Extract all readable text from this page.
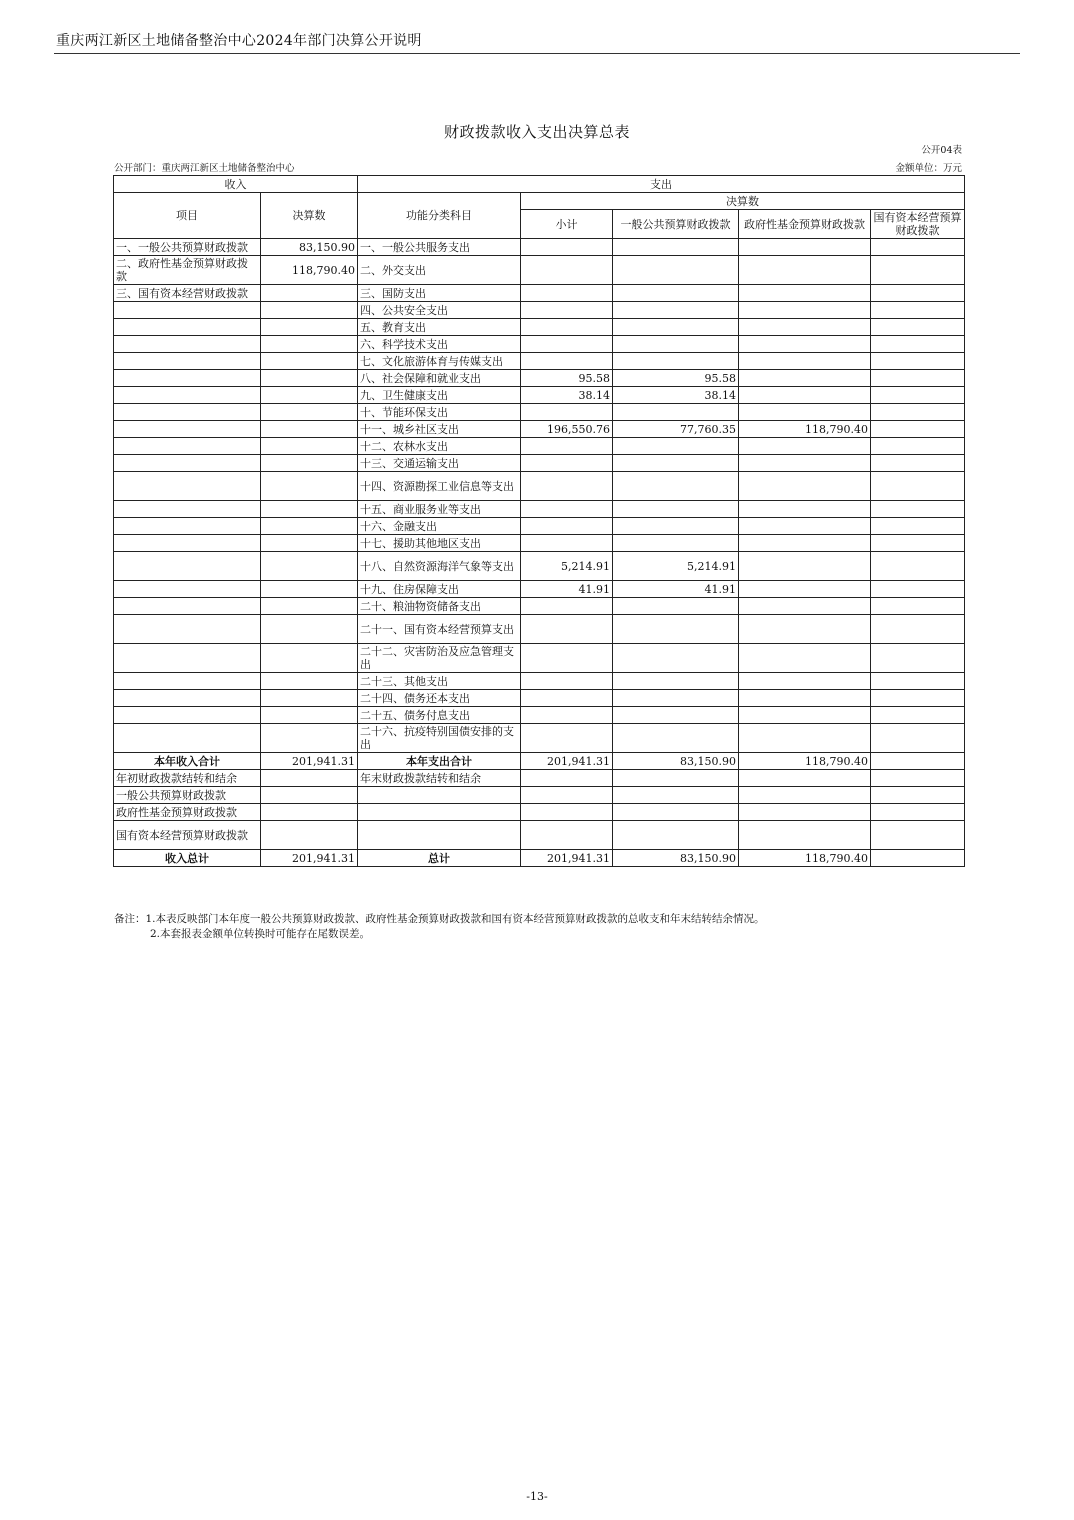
重庆两江新区土地储备整治中心2024年部门决算公开说明
财政拨款收入支出决算总表
公开04表
公开部门：重庆两江新区土地储备整治中心	金额单位：万元
收入		支出				
项目	决算数	功能分类科目	决算数			
			小计	一般公共预算财政拨款	政府性基金预算财政拨款	国有资本经营预算财政拨款
一、一般公共预算财政拨款	83,150.90	一、一般公共服务支出				
二、政府性基金预算财政拨款	118,790.40	二、外交支出				
三、国有资本经营财政拨款		三、国防支出				
		四、公共安全支出				
		五、教育支出				
		六、科学技术支出				
		七、文化旅游体育与传媒支出				
		八、社会保障和就业支出	95.58	95.58		
		九、卫生健康支出	38.14	38.14		
		十、节能环保支出				
		十一、城乡社区支出	196,550.76	77,760.35	118,790.40	
		十二、农林水支出				
		十三、交通运输支出				
		十四、资源勘探工业信息等支出				
		十五、商业服务业等支出				
		十六、金融支出				
		十七、援助其他地区支出				
		十八、自然资源海洋气象等支出	5,214.91	5,214.91		
		十九、住房保障支出	41.91	41.91		
		二十、粮油物资储备支出				
		二十一、国有资本经营预算支出				
		二十二、灾害防治及应急管理支出				
		二十三、其他支出				
		二十四、债务还本支出				
		二十五、债务付息支出				
		二十六、抗疫特别国债安排的支出				
本年收入合计	201,941.31	本年支出合计	201,941.31	83,150.90	118,790.40	
年初财政拨款结转和结余		年末财政拨款结转和结余				
一般公共预算财政拨款						
政府性基金预算财政拨款						
国有资本经营预算财政拨款						
收入总计	201,941.31	总计	201,941.31	83,150.90	118,790.40	
备注：1.本表反映部门本年度一般公共预算财政拨款、政府性基金预算财政拨款和国有资本经营预算财政拨款的总收支和年末结转结余情况。
2.本套报表金额单位转换时可能存在尾数误差。
-13-
